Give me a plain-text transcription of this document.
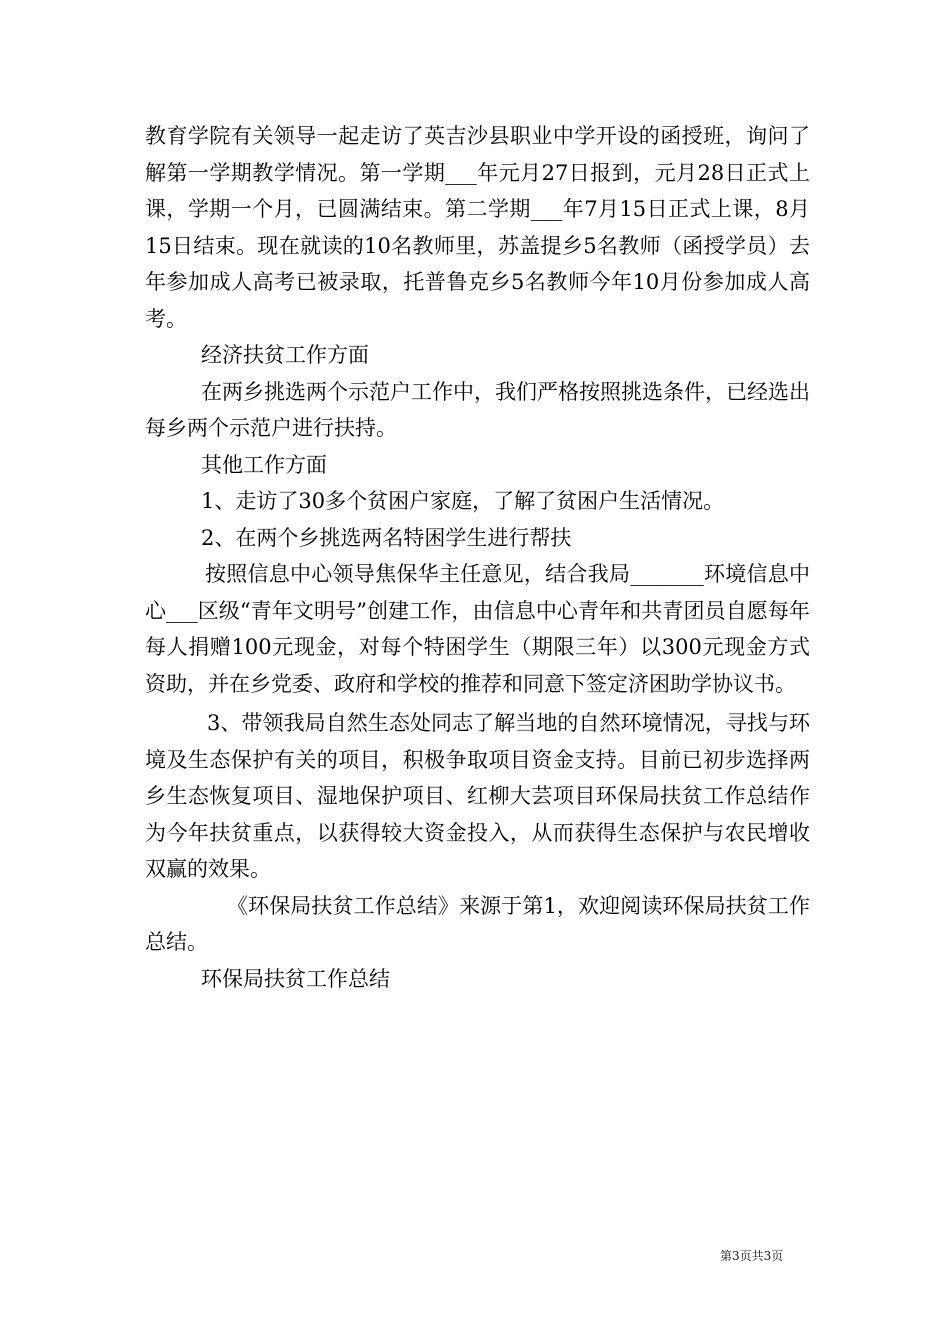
教育学院有关领导一起走访了英吉沙县职业中学开设的函授班，询问了解第一学期教学情况。第一学期___年元月27日报到，元月28日正式上课，学期一个月，已圆满结束。第二学期___年7月15日正式上课，8月15日结束。现在就读的10名教师里，苏盖提乡5名教师（函授学员）去年参加成人高考已被录取，托普鲁克乡5名教师今年10月份参加成人高考。

经济扶贫工作方面

在两乡挑选两个示范户工作中，我们严格按照挑选条件，已经选出每乡两个示范户进行扶持。

其他工作方面

1、走访了30多个贫困户家庭，了解了贫困户生活情况。

2、在两个乡挑选两名特困学生进行帮扶

按照信息中心领导焦保华主任意见，结合我局_______环境信息中心___区级“青年文明号”创建工作，由信息中心青年和共青团员自愿每年每人捐赠100元现金，对每个特困学生（期限三年）以300元现金方式资助，并在乡党委、政府和学校的推荐和同意下签定济困助学协议书。

3、带领我局自然生态处同志了解当地的自然环境情况，寻找与环境及生态保护有关的项目，积极争取项目资金支持。目前已初步选择两乡生态恢复项目、湿地保护项目、红柳大芸项目环保局扶贫工作总结作为今年扶贫重点，以获得较大资金投入，从而获得生态保护与农民增收双赢的效果。

《环保局扶贫工作总结》来源于第1，欢迎阅读环保局扶贫工作总结。

环保局扶贫工作总结

第3页共3页
